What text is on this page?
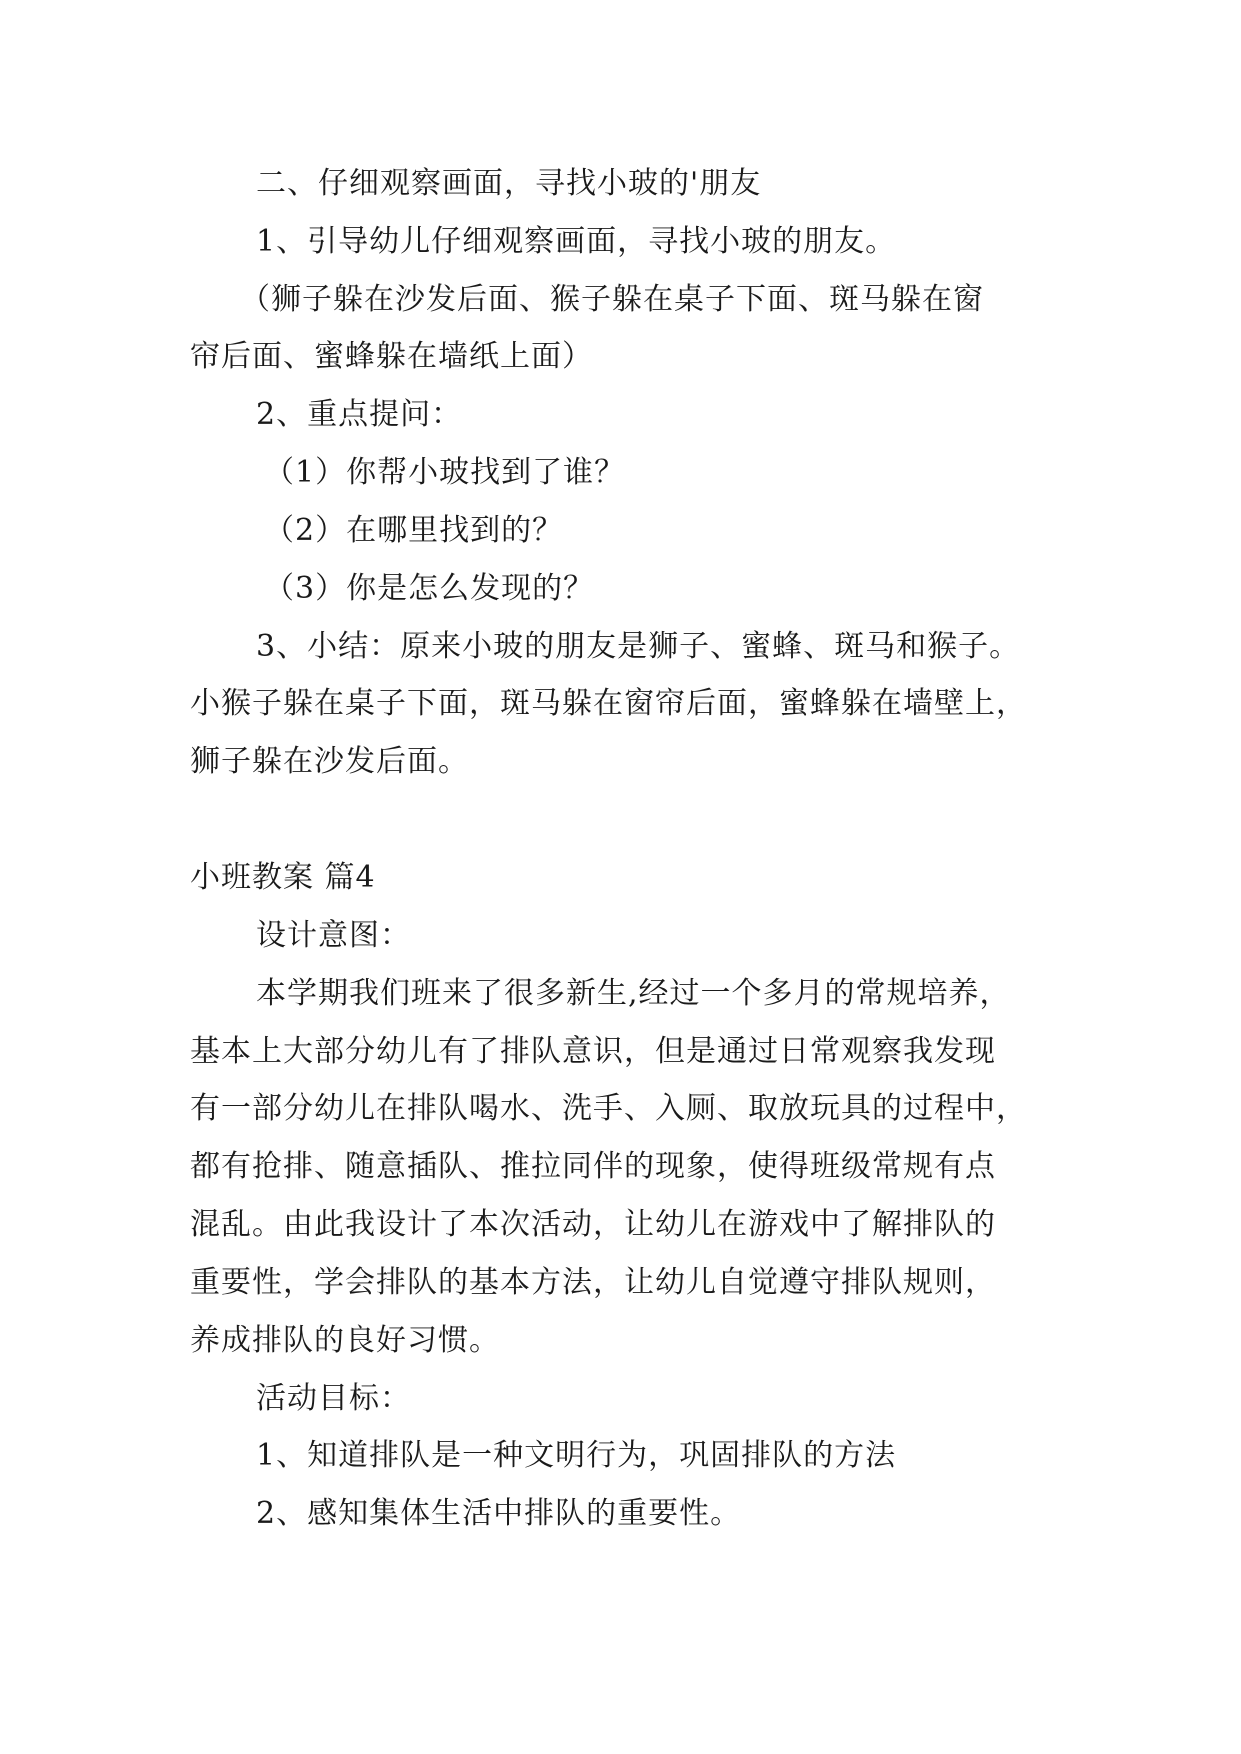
二、仔细观察画面，寻找小玻的'朋友
1、引导幼儿仔细观察画面，寻找小玻的朋友。
（狮子躲在沙发后面、猴子躲在桌子下面、斑马躲在窗
帘后面、蜜蜂躲在墙纸上面）
2、重点提问：
（1）你帮小玻找到了谁？
（2）在哪里找到的？
（3）你是怎么发现的？
3、小结：原来小玻的朋友是狮子、蜜蜂、斑马和猴子。
小猴子躲在桌子下面，斑马躲在窗帘后面，蜜蜂躲在墙壁上，
狮子躲在沙发后面。
小班教案 篇4
设计意图：
本学期我们班来了很多新生,经过一个多月的常规培养，
基本上大部分幼儿有了排队意识，但是通过日常观察我发现
有一部分幼儿在排队喝水、洗手、入厕、取放玩具的过程中，
都有抢排、随意插队、推拉同伴的现象，使得班级常规有点
混乱。由此我设计了本次活动，让幼儿在游戏中了解排队的
重要性，学会排队的基本方法，让幼儿自觉遵守排队规则，
养成排队的良好习惯。
活动目标：
1、知道排队是一种文明行为，巩固排队的方法
2、感知集体生活中排队的重要性。
